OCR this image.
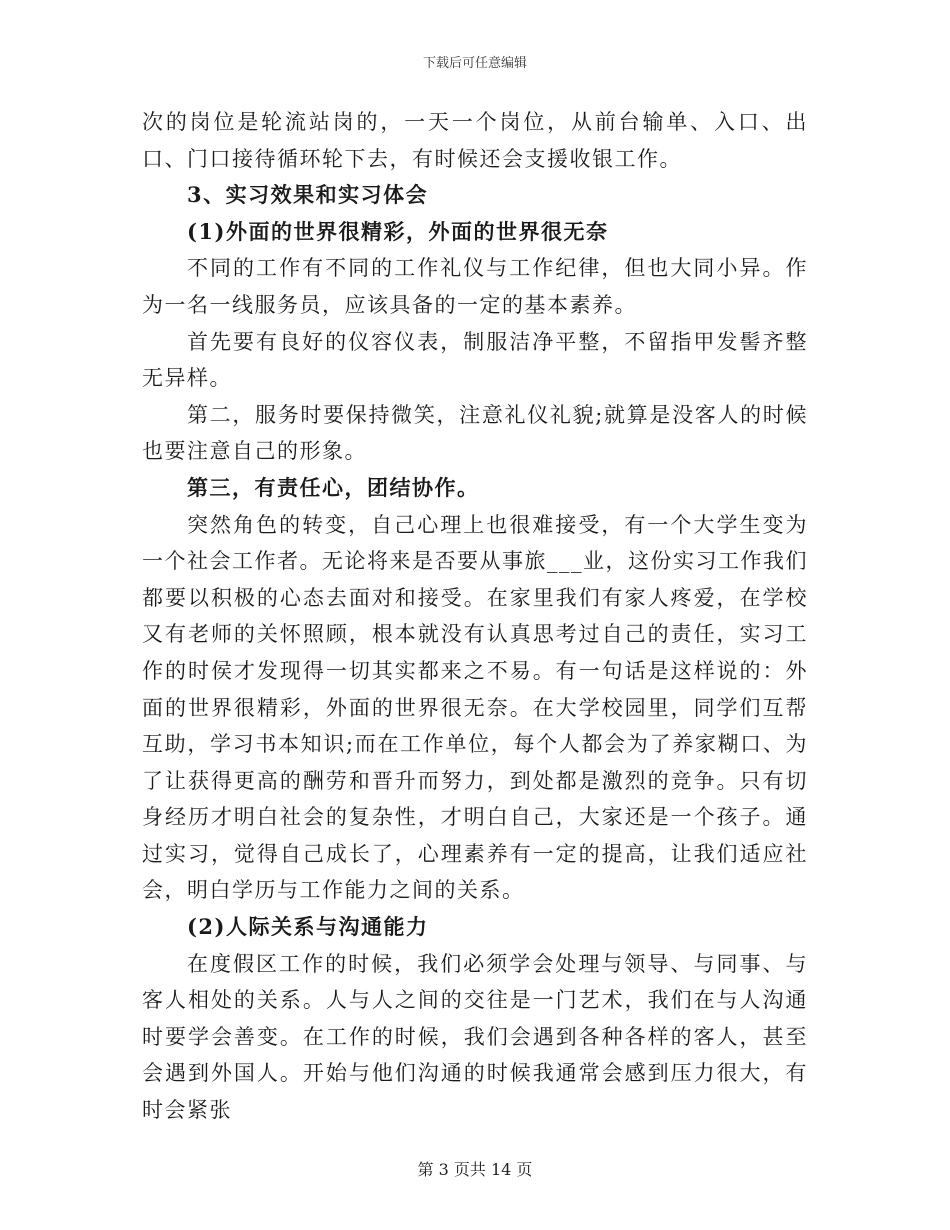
下载后可任意编辑

次的岗位是轮流站岗的，一天一个岗位，从前台输单、入口、出口、门口接待循环轮下去，有时候还会支援收银工作。

3、实习效果和实习体会

(1)外面的世界很精彩，外面的世界很无奈

不同的工作有不同的工作礼仪与工作纪律，但也大同小异。作为一名一线服务员，应该具备的一定的基本素养。

首先要有良好的仪容仪表，制服洁净平整，不留指甲发髻齐整无异样。

第二，服务时要保持微笑，注意礼仪礼貌;就算是没客人的时候也要注意自己的形象。

第三，有责任心，团结协作。

突然角色的转变，自己心理上也很难接受，有一个大学生变为一个社会工作者。无论将来是否要从事旅___业，这份实习工作我们都要以积极的心态去面对和接受。在家里我们有家人疼爱，在学校又有老师的关怀照顾，根本就没有认真思考过自己的责任，实习工作的时侯才发现得一切其实都来之不易。有一句话是这样说的：外面的世界很精彩，外面的世界很无奈。在大学校园里，同学们互帮互助，学习书本知识;而在工作单位，每个人都会为了养家糊口、为了让获得更高的酬劳和晋升而努力，到处都是激烈的竞争。只有切身经历才明白社会的复杂性，才明白自己，大家还是一个孩子。通过实习，觉得自己成长了，心理素养有一定的提高，让我们适应社会，明白学历与工作能力之间的关系。

(2)人际关系与沟通能力

在度假区工作的时候，我们必须学会处理与领导、与同事、与客人相处的关系。人与人之间的交往是一门艺术，我们在与人沟通时要学会善变。在工作的时候，我们会遇到各种各样的客人，甚至会遇到外国人。开始与他们沟通的时候我通常会感到压力很大，有时会紧张

第 3 页共 14 页
